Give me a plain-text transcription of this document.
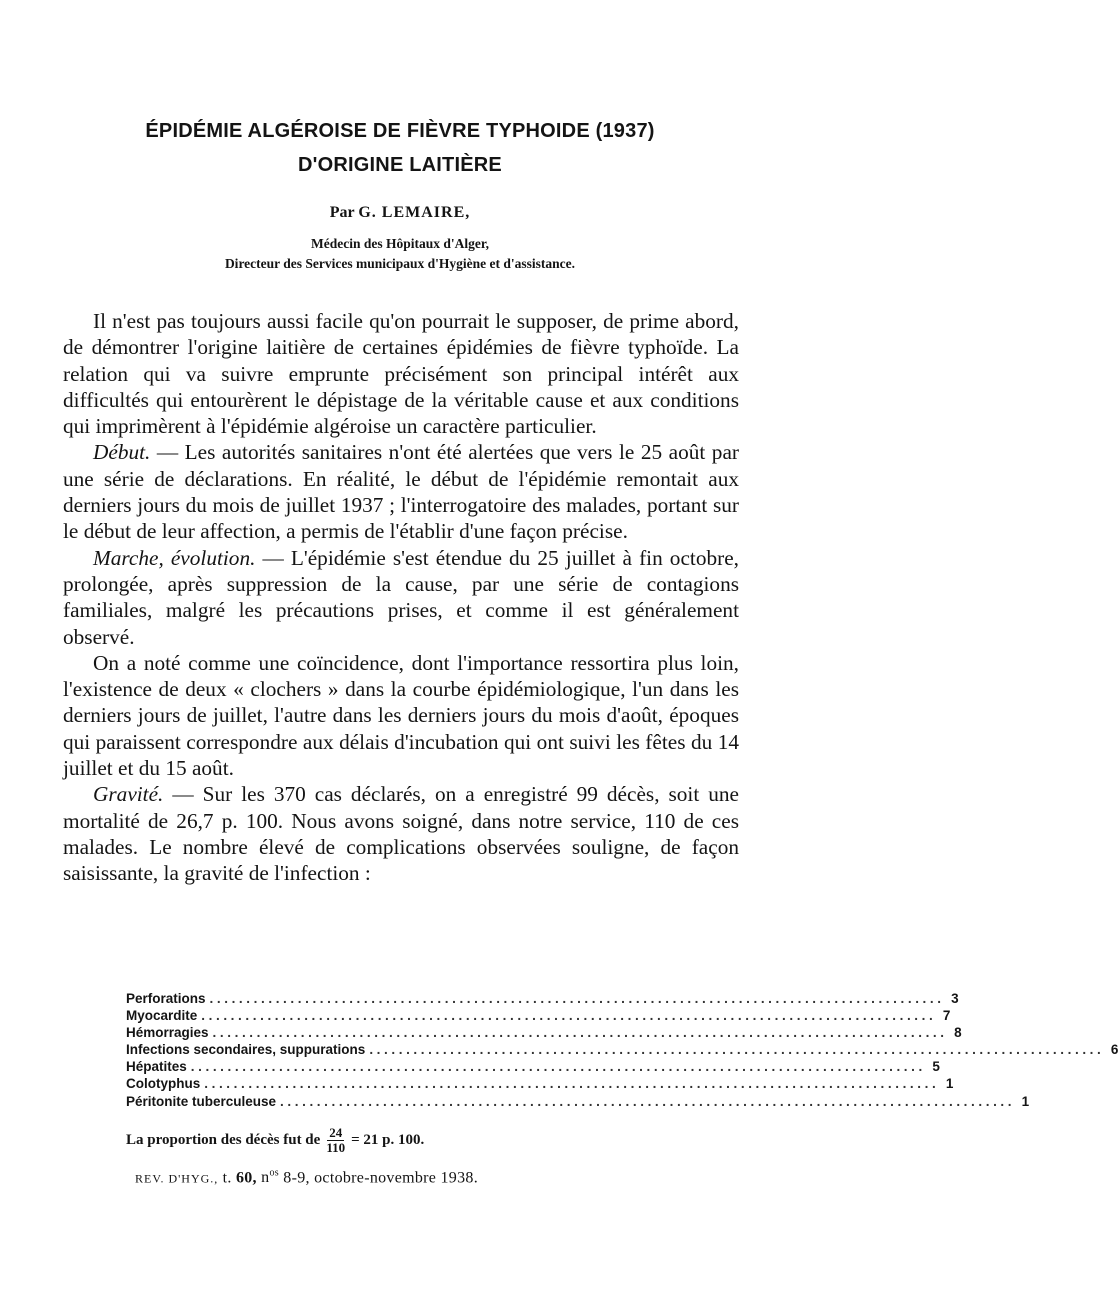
ÉPIDÉMIE ALGÉROISE DE FIÈVRE TYPHOIDE (1937)
D'ORIGINE LAITIÈRE
Par G. LEMAIRE,
Médecin des Hôpitaux d'Alger,
Directeur des Services municipaux d'Hygiène et d'assistance.

Il n'est pas toujours aussi facile qu'on pourrait le supposer, de prime abord, de démontrer l'origine laitière de certaines épidémies de fièvre typhoïde. La relation qui va suivre emprunte précisément son principal intérêt aux difficultés qui entourèrent le dépistage de la véritable cause et aux conditions qui imprimèrent à l'épidémie algéroise un caractère particulier.

Début. — Les autorités sanitaires n'ont été alertées que vers le 25 août par une série de déclarations. En réalité, le début de l'épidémie remontait aux derniers jours du mois de juillet 1937 ; l'interrogatoire des malades, portant sur le début de leur affection, a permis de l'établir d'une façon précise.

Marche, évolution. — L'épidémie s'est étendue du 25 juillet à fin octobre, prolongée, après suppression de la cause, par une série de contagions familiales, malgré les précautions prises, et comme il est généralement observé.

On a noté comme une coïncidence, dont l'importance ressortira plus loin, l'existence de deux « clochers » dans la courbe épidémiologique, l'un dans les derniers jours de juillet, l'autre dans les derniers jours du mois d'août, époques qui paraissent correspondre aux délais d'incubation qui ont suivi les fêtes du 14 juillet et du 15 août.

Gravité. — Sur les 370 cas déclarés, on a enregistré 99 décès, soit une mortalité de 26,7 p. 100. Nous avons soigné, dans notre service, 110 de ces malades. Le nombre élevé de complications observées souligne, de façon saisissante, la gravité de l'infection :

Perforations .................................................................................................... 3
Myocardite .................................................................................................... 7
Hémorragies .................................................................................................... 8
Infections secondaires, suppurations .................................................................................................... 6
Hépatites .................................................................................................... 5
Colotyphus .................................................................................................... 1
Péritonite tuberculeuse .................................................................................................... 1
La proportion des décès fut de $\frac{24}{110} = 21$ p. 100.
REV. D'HYG., t. 60, $n^{os}$ 8-9, octobre-novembre 1938.
